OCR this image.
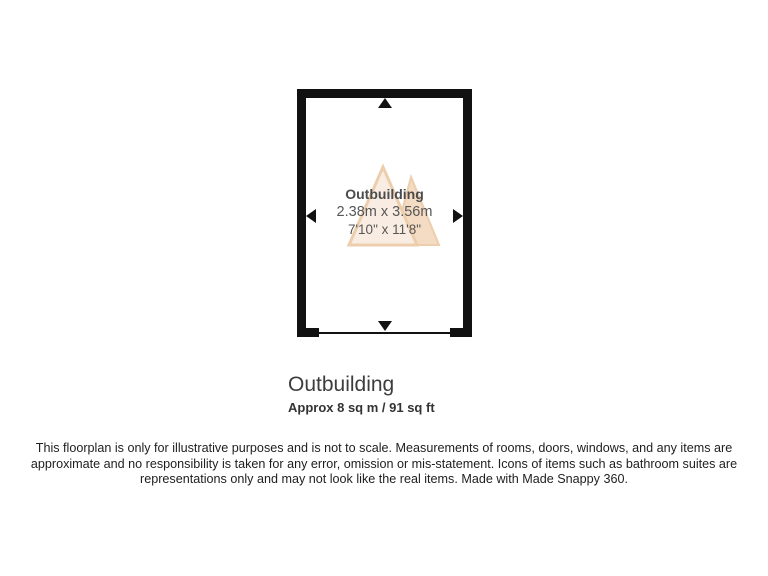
Outbuilding
2.38m x 3.56m
7'10" x 11'8"
Outbuilding
Approx 8 sq m / 91 sq ft
This floorplan is only for illustrative purposes and is not to scale. Measurements of rooms, doors, windows, and any items are approximate and no responsibility is taken for any error, omission or mis-statement. Icons of items such as bathroom suites are representations only and may not look like the real items. Made with Made Snappy 360.
